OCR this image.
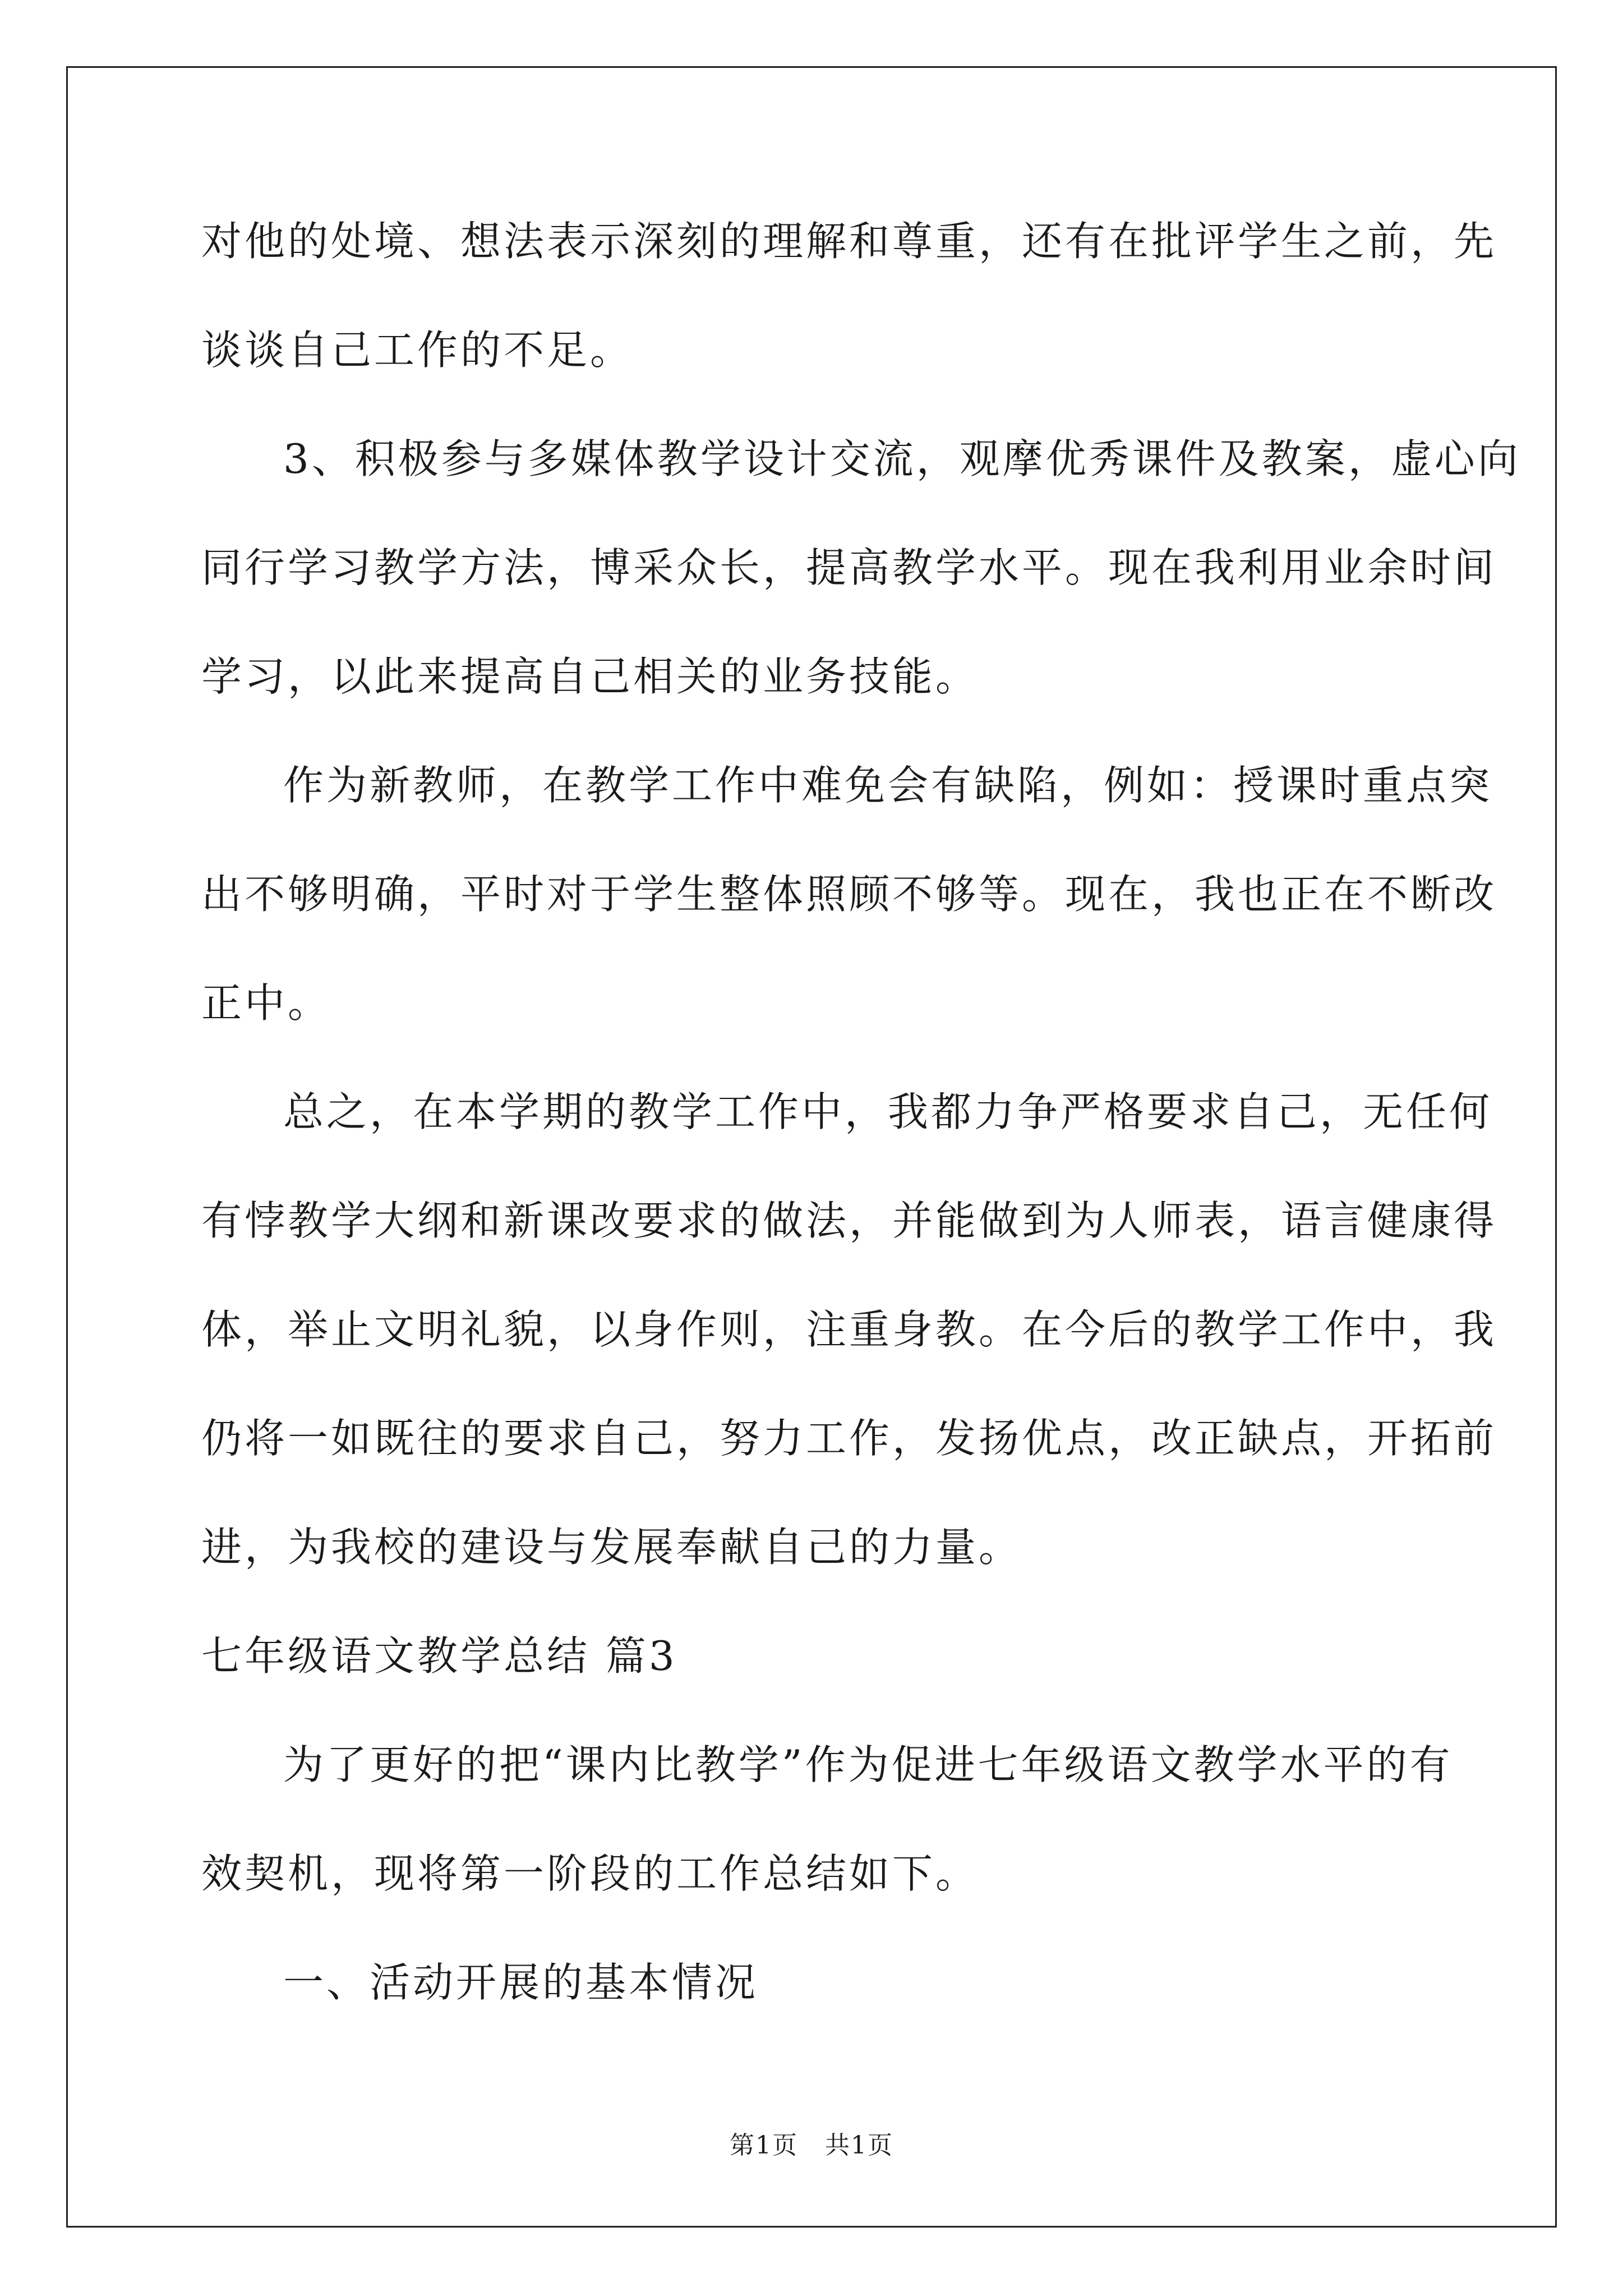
对他的处境、想法表示深刻的理解和尊重，还有在批评学生之前，先
谈谈自己工作的不足。
3、积极参与多媒体教学设计交流，观摩优秀课件及教案，虚心向
同行学习教学方法，博采众长，提高教学水平。现在我利用业余时间
学习，以此来提高自己相关的业务技能。
作为新教师，在教学工作中难免会有缺陷，例如：授课时重点突
出不够明确，平时对于学生整体照顾不够等。现在，我也正在不断改
正中。
总之，在本学期的教学工作中，我都力争严格要求自己，无任何
有悖教学大纲和新课改要求的做法，并能做到为人师表，语言健康得
体，举止文明礼貌，以身作则，注重身教。在今后的教学工作中，我
仍将一如既往的要求自己，努力工作，发扬优点，改正缺点，开拓前
进，为我校的建设与发展奉献自己的力量。
七年级语文教学总结 篇3
为了更好的把“课内比教学”作为促进七年级语文教学水平的有
效契机，现将第一阶段的工作总结如下。
一、活动开展的基本情况
第1页   共1页
